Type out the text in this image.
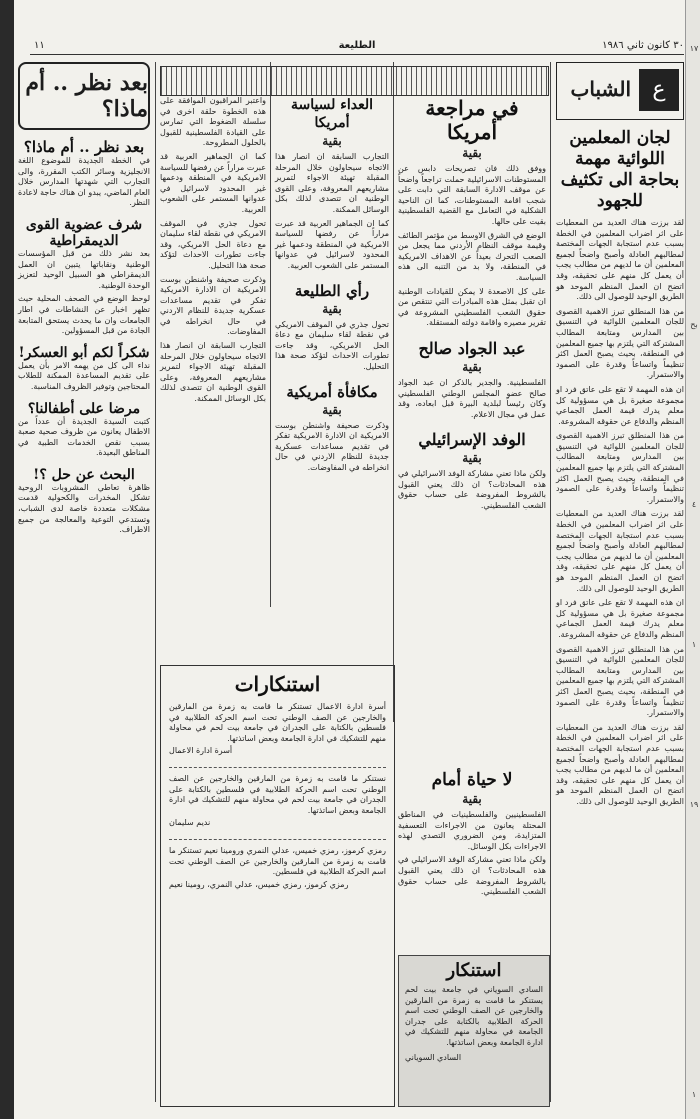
١٧
بح
٤
١
١٩
١
٣٠ كانون ثاني ١٩٨٦
الطليعة
١١
ع
الشباب
لجان المعلمين اللوائية مهمة بحاجة الى تكثيف للجهود
لقد برزت هناك العديد من المعطيات على اثر اضراب المعلمين في الخطة بسبب عدم استجابة الجهات المختصة لمطالبهم العادلة وأصبح واضحاً لجميع المعلمين أن ما لديهم من مطالب يجب أن يعمل كل منهم على تحقيقه، وقد اتضح ان العمل المنظم الموحد هو الطريق الوحيد للوصول الى ذلك.
من هذا المنطلق تبرز الاهمية القصوى للجان المعلمين اللوائية في التنسيق بين المدارس ومتابعة المطالب المشتركة التي يلتزم بها جميع المعلمين في المنطقة، بحيث يصبح العمل اكثر تنظيماً واتساعاً وقدرة على الصمود والاستمرار.
ان هذه المهمة لا تقع على عاتق فرد او مجموعة صغيرة بل هي مسؤولية كل معلم يدرك قيمة العمل الجماعي المنظم والدفاع عن حقوقه المشروعة.
من هذا المنطلق تبرز الاهمية القصوى للجان المعلمين اللوائية في التنسيق بين المدارس ومتابعة المطالب المشتركة التي يلتزم بها جميع المعلمين في المنطقة، بحيث يصبح العمل اكثر تنظيماً واتساعاً وقدرة على الصمود والاستمرار.
لقد برزت هناك العديد من المعطيات على اثر اضراب المعلمين في الخطة بسبب عدم استجابة الجهات المختصة لمطالبهم العادلة وأصبح واضحاً لجميع المعلمين أن ما لديهم من مطالب يجب أن يعمل كل منهم على تحقيقه، وقد اتضح ان العمل المنظم الموحد هو الطريق الوحيد للوصول الى ذلك.
ان هذه المهمة لا تقع على عاتق فرد او مجموعة صغيرة بل هي مسؤولية كل معلم يدرك قيمة العمل الجماعي المنظم والدفاع عن حقوقه المشروعة.
من هذا المنطلق تبرز الاهمية القصوى للجان المعلمين اللوائية في التنسيق بين المدارس ومتابعة المطالب المشتركة التي يلتزم بها جميع المعلمين في المنطقة، بحيث يصبح العمل اكثر تنظيماً واتساعاً وقدرة على الصمود والاستمرار.
لقد برزت هناك العديد من المعطيات على اثر اضراب المعلمين في الخطة بسبب عدم استجابة الجهات المختصة لمطالبهم العادلة وأصبح واضحاً لجميع المعلمين أن ما لديهم من مطالب يجب أن يعمل كل منهم على تحقيقه، وقد اتضح ان العمل المنظم الموحد هو الطريق الوحيد للوصول الى ذلك.
في مراجعة أمريكا
بقية
ووفق ذلك فان تصريحات دابس عن المستوطنات الاسرائيلية حملت تراجعاً واضحاً عن موقف الادارة السابقة التي دابت على شجب اقامة المستوطنات، كما ان الناحية الشكلية في التعامل مع القضية الفلسطينية بقيت على حالها.
الوضع في الشرق الاوسط من مؤتمر الطائف وقيمة موقف النظام الأردني مما يجعل من الصعب التحرك بعيداً عن الاهداف الامريكية في المنطقة، ولا بد من التنبه الى هذه السياسة.
على كل الاصعدة لا يمكن للقيادات الوطنية ان تقبل بمثل هذه المبادرات التي تنتقص من حقوق الشعب الفلسطيني المشروعة في تقرير مصيره واقامة دولته المستقلة.
عبد الجواد صالح
بقية
الفلسطينية. والجدير بالذكر ان عبد الجواد صالح عضو المجلس الوطني الفلسطيني وكان رئيساً لبلدية البيرة قبل ابعاده، وقد عمل في مجال الاعلام.
الوفد الإسرائيلي
بقية
ولكن ماذا تعني مشاركة الوفد الاسرائيلي في هذه المحادثات؟ ان ذلك يعني القبول بالشروط المفروضة على حساب حقوق الشعب الفلسطيني.
العداء لسياسة أمريكا
بقية
التجارب السابقة ان انصار هذا الاتجاه سيحاولون خلال المرحلة المقبلة تهيئة الاجواء لتمرير مشاريعهم المعروفة، وعلى القوى الوطنية ان تتصدى لذلك بكل الوسائل الممكنة.
كما ان الجماهير العربية قد عبرت مراراً عن رفضها للسياسة الامريكية في المنطقة ودعمها غير المحدود لاسرائيل في عدوانها المستمر على الشعوب العربية.
رأي الطليعة
بقية
تحول جذري في الموقف الامريكي في نقطة لقاء سليمان مع دعاة الحل الامريكي، وقد جاءت تطورات الاحداث لتؤكد صحة هذا التحليل.
مكافأة أمريكية
بقية
وذكرت صحيفة واشنطن بوست الامريكية ان الادارة الامريكية تفكر في تقديم مساعدات عسكرية جديدة للنظام الاردني في حال انخراطه في المفاوضات.
واعتبر المراقبون الموافقة على هذه الخطوة حلقة اخرى في سلسلة الضغوط التي تمارس على القيادة الفلسطينية للقبول بالحلول المطروحة.
كما ان الجماهير العربية قد عبرت مراراً عن رفضها للسياسة الامريكية في المنطقة ودعمها غير المحدود لاسرائيل في عدوانها المستمر على الشعوب العربية.
تحول جذري في الموقف الامريكي في نقطة لقاء سليمان مع دعاة الحل الامريكي، وقد جاءت تطورات الاحداث لتؤكد صحة هذا التحليل.
وذكرت صحيفة واشنطن بوست الامريكية ان الادارة الامريكية تفكر في تقديم مساعدات عسكرية جديدة للنظام الاردني في حال انخراطه في المفاوضات.
التجارب السابقة ان انصار هذا الاتجاه سيحاولون خلال المرحلة المقبلة تهيئة الاجواء لتمرير مشاريعهم المعروفة، وعلى القوى الوطنية ان تتصدى لذلك بكل الوسائل الممكنة.
لا حياة أمام
بقية
الفلسطينيين والفلسطينيات في المناطق المحتلة يعانون من الاجراءات التعسفية المتزايدة، ومن الضروري التصدي لهذه الاجراءات بكل الوسائل.
ولكن ماذا تعني مشاركة الوفد الاسرائيلي في هذه المحادثات؟ ان ذلك يعني القبول بالشروط المفروضة على حساب حقوق الشعب الفلسطيني.
استنكارات
أسرة ادارة الاعمال تستنكر ما قامت به زمرة من المارقين والخارجين عن الصف الوطني تحت اسم الحركة الطلابية في فلسطين بالكتابة على الجدران في جامعة بيت لحم في محاولة منهم للتشكيك في ادارة الجامعة وبعض اساتذتها.
أسرة ادارة الاعمال
نستنكر ما قامت به زمرة من المارقين والخارجين عن الصف الوطني تحت اسم الحركة الطلابية في فلسطين بالكتابة على الجدران في جامعة بيت لحم في محاولة منهم للتشكيك في ادارة الجامعة وبعض اساتذتها.
نديم سليمان
رمزي كرموز، رمزي خميس، عدلي النمري ورومينا نعيم تستنكر ما قامت به زمرة من المارقين والخارجين عن الصف الوطني تحت اسم الحركة الطلابية في فلسطين.
رمزي كرموز، رمزي خميس، عدلي النمري، رومينا نعيم
استنكار
السادي السوياني في جامعة بيت لحم يستنكر ما قامت به زمرة من المارقين والخارجين عن الصف الوطني تحت اسم الحركة الطلابية بالكتابة على جدران الجامعة في محاولة منهم للتشكيك في ادارة الجامعة وبعض اساتذتها.
السادي السوياني
بعد نظر .. أم ماذا؟
بعد نظر .. أم ماذا؟
في الخطة الجديدة للموضوع اللغة الانجليزية وسائر الكتب المقررة، والى التجارب التي شهدتها المدارس خلال العام الماضي، يبدو ان هناك حاجة لاعادة النظر.
شرف عضوية القوى الديمقراطية
بعد نشر ذلك من قبل المؤسسات الوطنية ونقاباتها يتبين ان العمل الديمقراطي هو السبيل الوحيد لتعزيز الوحدة الوطنية.
لوحظ الوضع في الصحف المحلية حيث تظهر اخبار عن النشاطات في اطار الجامعات وان ما يحدث يستحق المتابعة الجادة من قبل المسؤولين.
شكراً لكم أبو العسكر!
نداء الى كل من يهمه الامر بأن يعمل على تقديم المساعدة الممكنة للطلاب المحتاجين وتوفير الظروف المناسبة.
مرضا على أطفالنا؟
كتبت السيدة الجديدة أن عدداً من الاطفال يعانون من ظروف صحية صعبة بسبب نقص الخدمات الطبية في المناطق البعيدة.
البحث عن حل ؟!
ظاهرة تعاطي المشروبات الروحية تشكل المخدرات والكحولية قدمت مشكلات متعددة خاصة لدى الشباب، وتستدعي التوعية والمعالجة من جميع الاطراف.
